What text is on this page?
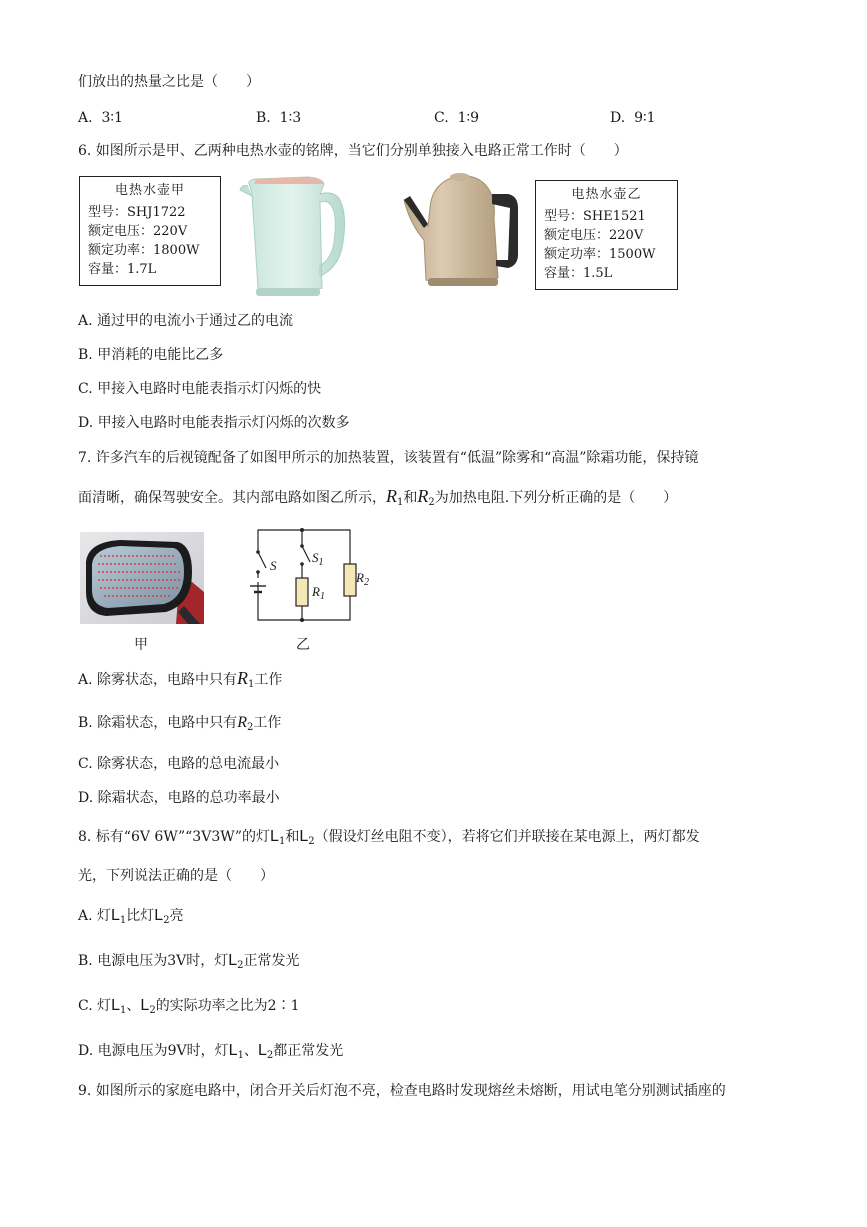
们放出的热量之比是（　　）
A. 3∶1	B. 1∶3	C. 1∶9	D. 9∶1
6. 如图所示是甲、乙两种电热水壶的铭牌，当它们分别单独接入电路正常工作时（　　）
电热水壶甲
型号：SHJ1722
额定电压：220V
额定功率：1800W
容量：1.7L
电热水壶乙
型号：SHE1521
额定电压：220V
额定功率：1500W
容量：1.5L
A. 通过甲的电流小于通过乙的电流
B. 甲消耗的电能比乙多
C. 甲接入电路时电能表指示灯闪烁的快
D. 甲接入电路时电能表指示灯闪烁的次数多
7. 许多汽车的后视镜配备了如图甲所示的加热装置，该装置有“低温”除雾和“高温”除霜功能，保持镜
面清晰，确保驾驶安全。其内部电路如图乙所示，$R_1$和$R_2$为加热电阻.下列分析正确的是（　　）
甲
S
$S_1$
$R_1$
$R_2$
乙
A. 除雾状态，电路中只有$R_1$工作
B. 除霜状态，电路中只有$R_2$工作
C. 除雾状态，电路的总电流最小
D. 除霜状态，电路的总功率最小
8. 标有“6V 6W”“3V3W”的灯$L_1$和$L_2$（假设灯丝电阻不变），若将它们并联接在某电源上，两灯都发
光，下列说法正确的是（　　）
A. 灯$L_1$比灯$L_2$亮
B. 电源电压为3V时，灯$L_2$正常发光
C. 灯$L_1$、$L_2$的实际功率之比为2∶1
D. 电源电压为9V时，灯$L_1$、$L_2$都正常发光
9. 如图所示的家庭电路中，闭合开关后灯泡不亮，检查电路时发现熔丝未熔断，用试电笔分别测试插座的
